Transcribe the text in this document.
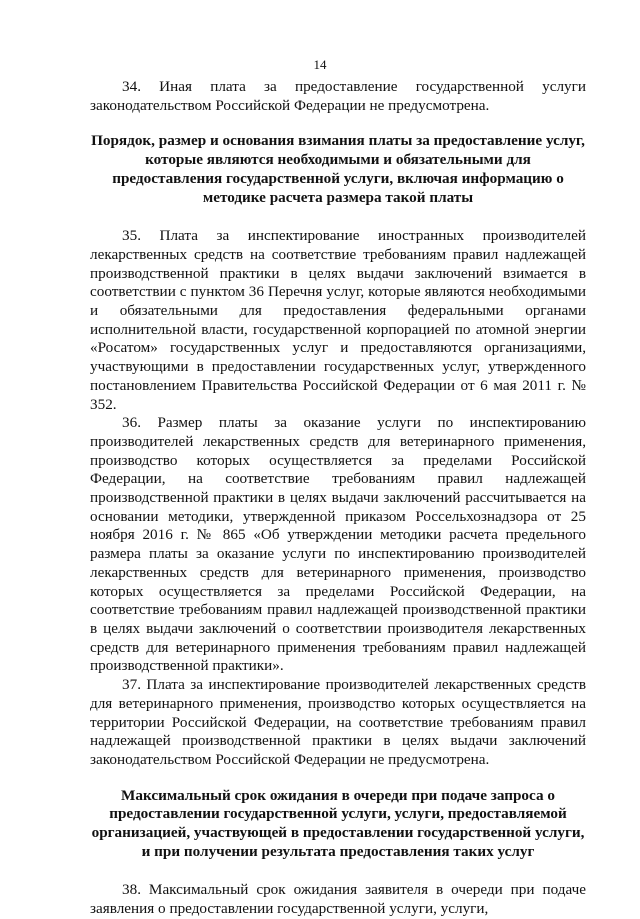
14

34. Иная плата за предоставление государственной услуги законодательством Российской Федерации не предусмотрена.

Порядок, размер и основания взимания платы за предоставление услуг, которые являются необходимыми и обязательными для предоставления государственной услуги, включая информацию о методике расчета размера такой платы

35. Плата за инспектирование иностранных производителей лекарственных средств на соответствие требованиям правил надлежащей производственной практики в целях выдачи заключений взимается в соответствии с пунктом 36 Перечня услуг, которые являются необходимыми и обязательными для предоставления федеральными органами исполнительной власти, государственной корпорацией по атомной энергии «Росатом» государственных услуг и предоставляются организациями, участвующими в предоставлении государственных услуг, утвержденного постановлением Правительства Российской Федерации от 6 мая 2011 г. № 352.

36. Размер платы за оказание услуги по инспектированию производителей лекарственных средств для ветеринарного применения, производство которых осуществляется за пределами Российской Федерации, на соответствие требованиям правил надлежащей производственной практики в целях выдачи заключений рассчитывается на основании методики, утвержденной приказом Россельхознадзора от 25 ноября 2016 г. № 865 «Об утверждении методики расчета предельного размера платы за оказание услуги по инспектированию производителей лекарственных средств для ветеринарного применения, производство которых осуществляется за пределами Российской Федерации, на соответствие требованиям правил надлежащей производственной практики в целях выдачи заключений о соответствии производителя лекарственных средств для ветеринарного применения требованиям правил надлежащей производственной практики».

37. Плата за инспектирование производителей лекарственных средств для ветеринарного применения, производство которых осуществляется на территории Российской Федерации, на соответствие требованиям правил надлежащей производственной практики в целях выдачи заключений законодательством Российской Федерации не предусмотрена.

Максимальный срок ожидания в очереди при подаче запроса о предоставлении государственной услуги, услуги, предоставляемой организацией, участвующей в предоставлении государственной услуги, и при получении результата предоставления таких услуг

38. Максимальный срок ожидания заявителя в очереди при подаче заявления о предоставлении государственной услуги, услуги,
